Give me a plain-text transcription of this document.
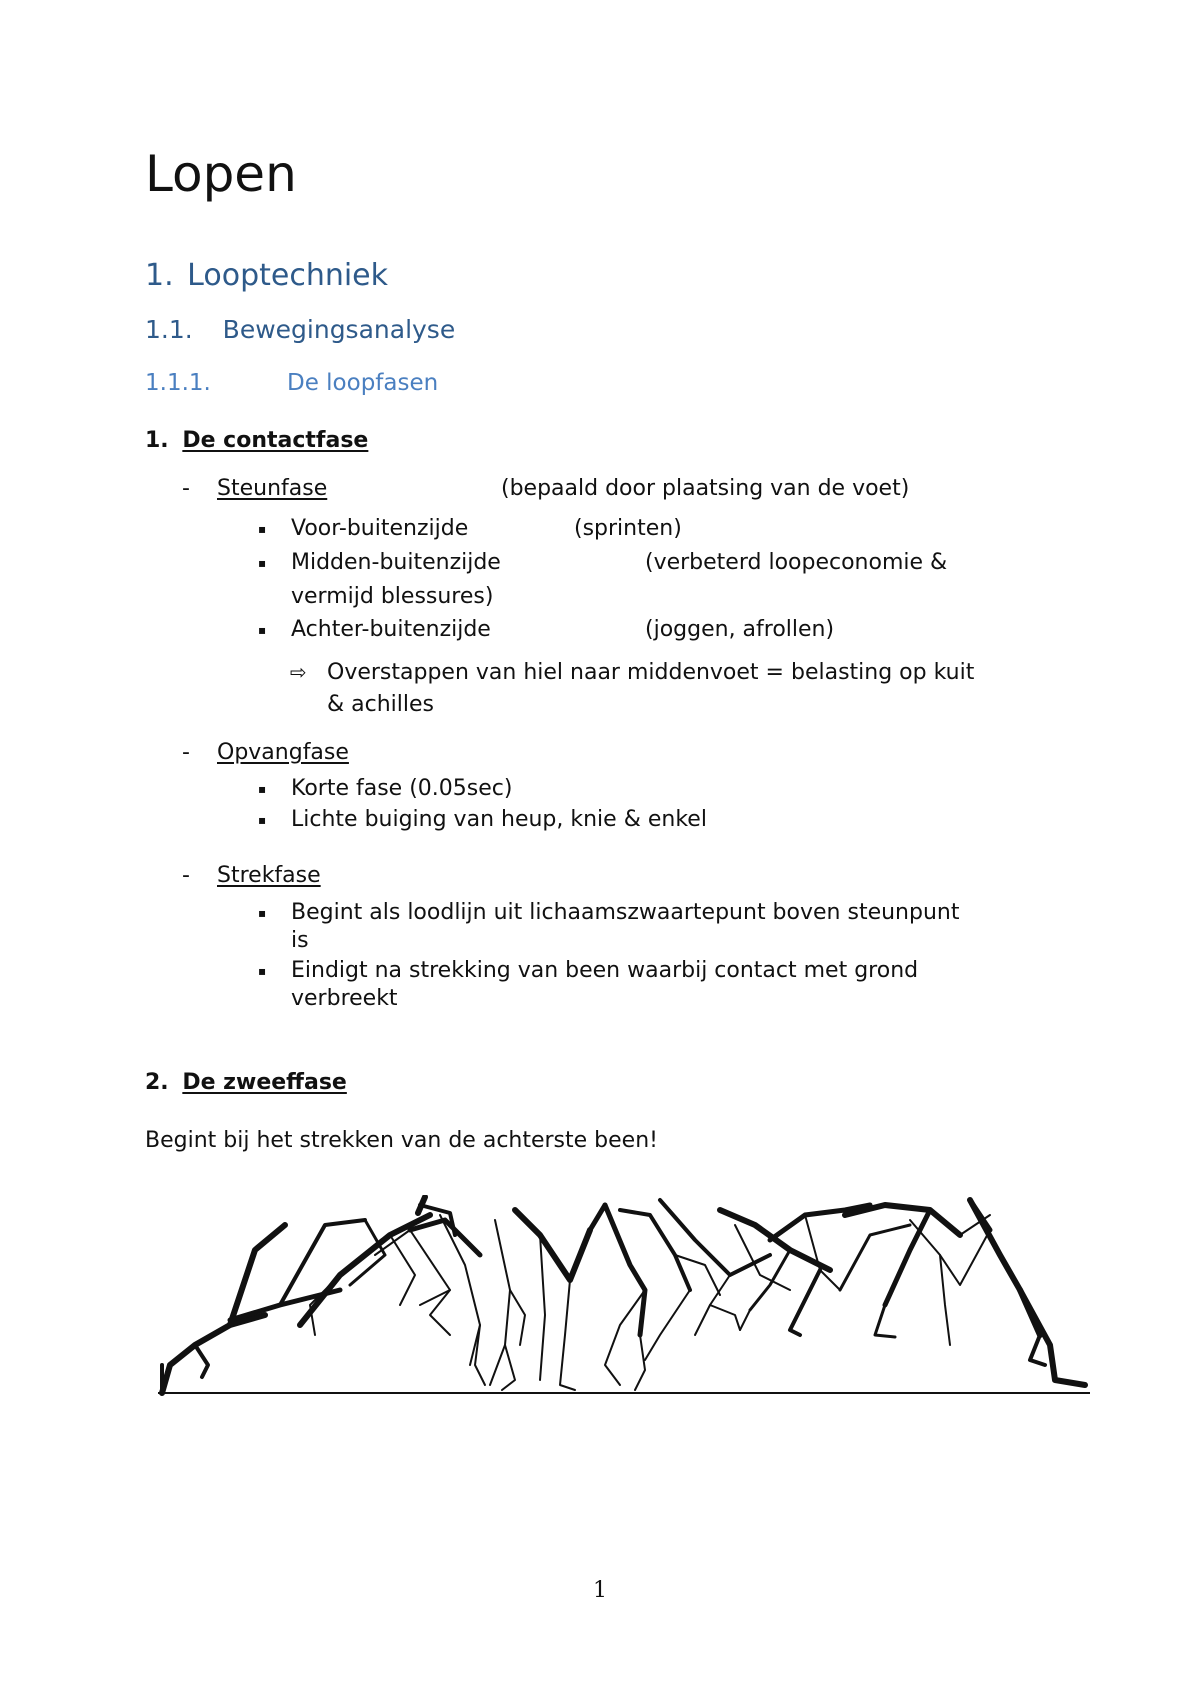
Lopen
1. Looptechniek
1.1. Bewegingsanalyse
1.1.1.	De loopfasen
1. De contactfase
- Steunfase	(bepaald door plaatsing van de voet)
▪ Voor-buitenzijde	(sprinten)
▪ Midden-buitenzijde	(verbeterd loopeconomie &
vermijd blessures)
▪ Achter-buitenzijde	(joggen, afrollen)
⇨ Overstappen van hiel naar middenvoet = belasting op kuit
& achilles
- Opvangfase
▪ Korte fase (0.05sec)
▪ Lichte buiging van heup, knie & enkel
- Strekfase
▪ Begint als loodlijn uit lichaamszwaartepunt boven steunpunt
is
▪ Eindigt na strekking van been waarbij contact met grond
verbreekt
2. De zweeffase
Begint bij het strekken van de achterste been!
1
